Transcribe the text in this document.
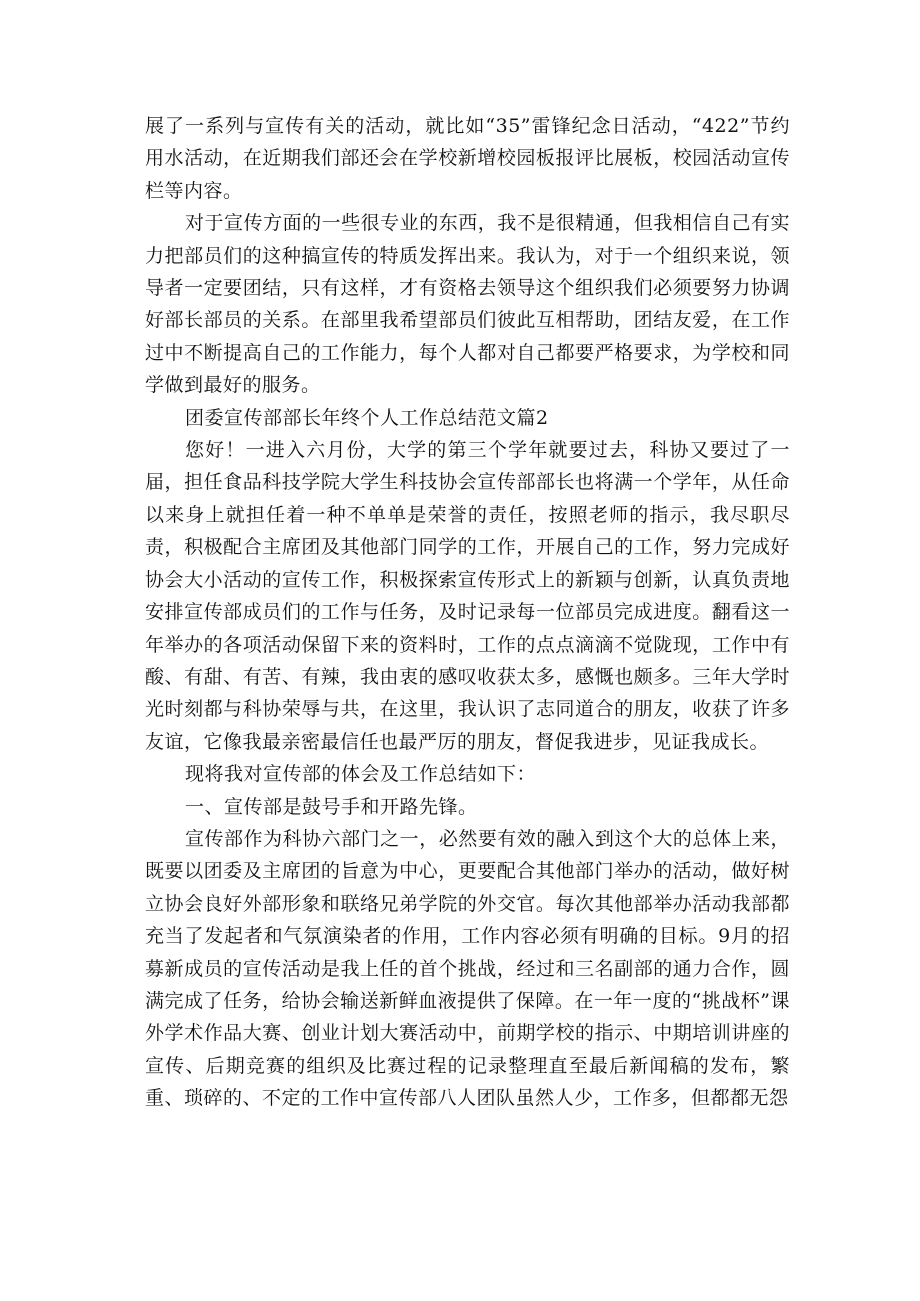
展了一系列与宣传有关的活动，就比如“35”雷锋纪念日活动，“422”节约用水活动，在近期我们部还会在学校新增校园板报评比展板，校园活动宣传栏等内容。

对于宣传方面的一些很专业的东西，我不是很精通，但我相信自己有实力把部员们的这种搞宣传的特质发挥出来。我认为，对于一个组织来说，领导者一定要团结，只有这样，才有资格去领导这个组织我们必须要努力协调好部长部员的关系。在部里我希望部员们彼此互相帮助，团结友爱，在工作过中不断提高自己的工作能力，每个人都对自己都要严格要求，为学校和同学做到最好的服务。

团委宣传部部长年终个人工作总结范文篇2

您好！一进入六月份，大学的第三个学年就要过去，科协又要过了一届，担任食品科技学院大学生科技协会宣传部部长也将满一个学年，从任命以来身上就担任着一种不单单是荣誉的责任，按照老师的指示，我尽职尽责，积极配合主席团及其他部门同学的工作，开展自己的工作，努力完成好协会大小活动的宣传工作，积极探索宣传形式上的新颖与创新，认真负责地安排宣传部成员们的工作与任务，及时记录每一位部员完成进度。翻看这一年举办的各项活动保留下来的资料时，工作的点点滴滴不觉陇现，工作中有酸、有甜、有苦、有辣，我由衷的感叹收获太多，感慨也颇多。三年大学时光时刻都与科协荣辱与共，在这里，我认识了志同道合的朋友，收获了许多友谊，它像我最亲密最信任也最严厉的朋友，督促我进步，见证我成长。

现将我对宣传部的体会及工作总结如下：

一、宣传部是鼓号手和开路先锋。

宣传部作为科协六部门之一，必然要有效的融入到这个大的总体上来，既要以团委及主席团的旨意为中心，更要配合其他部门举办的活动，做好树立协会良好外部形象和联络兄弟学院的外交官。每次其他部举办活动我部都充当了发起者和气氛演染者的作用，工作内容必须有明确的目标。9月的招募新成员的宣传活动是我上任的首个挑战，经过和三名副部的通力合作，圆满完成了任务，给协会输送新鲜血液提供了保障。在一年一度的“挑战杯”课外学术作品大赛、创业计划大赛活动中，前期学校的指示、中期培训讲座的宣传、后期竞赛的组织及比赛过程的记录整理直至最后新闻稿的发布，繁重、琐碎的、不定的工作中宣传部八人团队虽然人少，工作多，但都都无怨
